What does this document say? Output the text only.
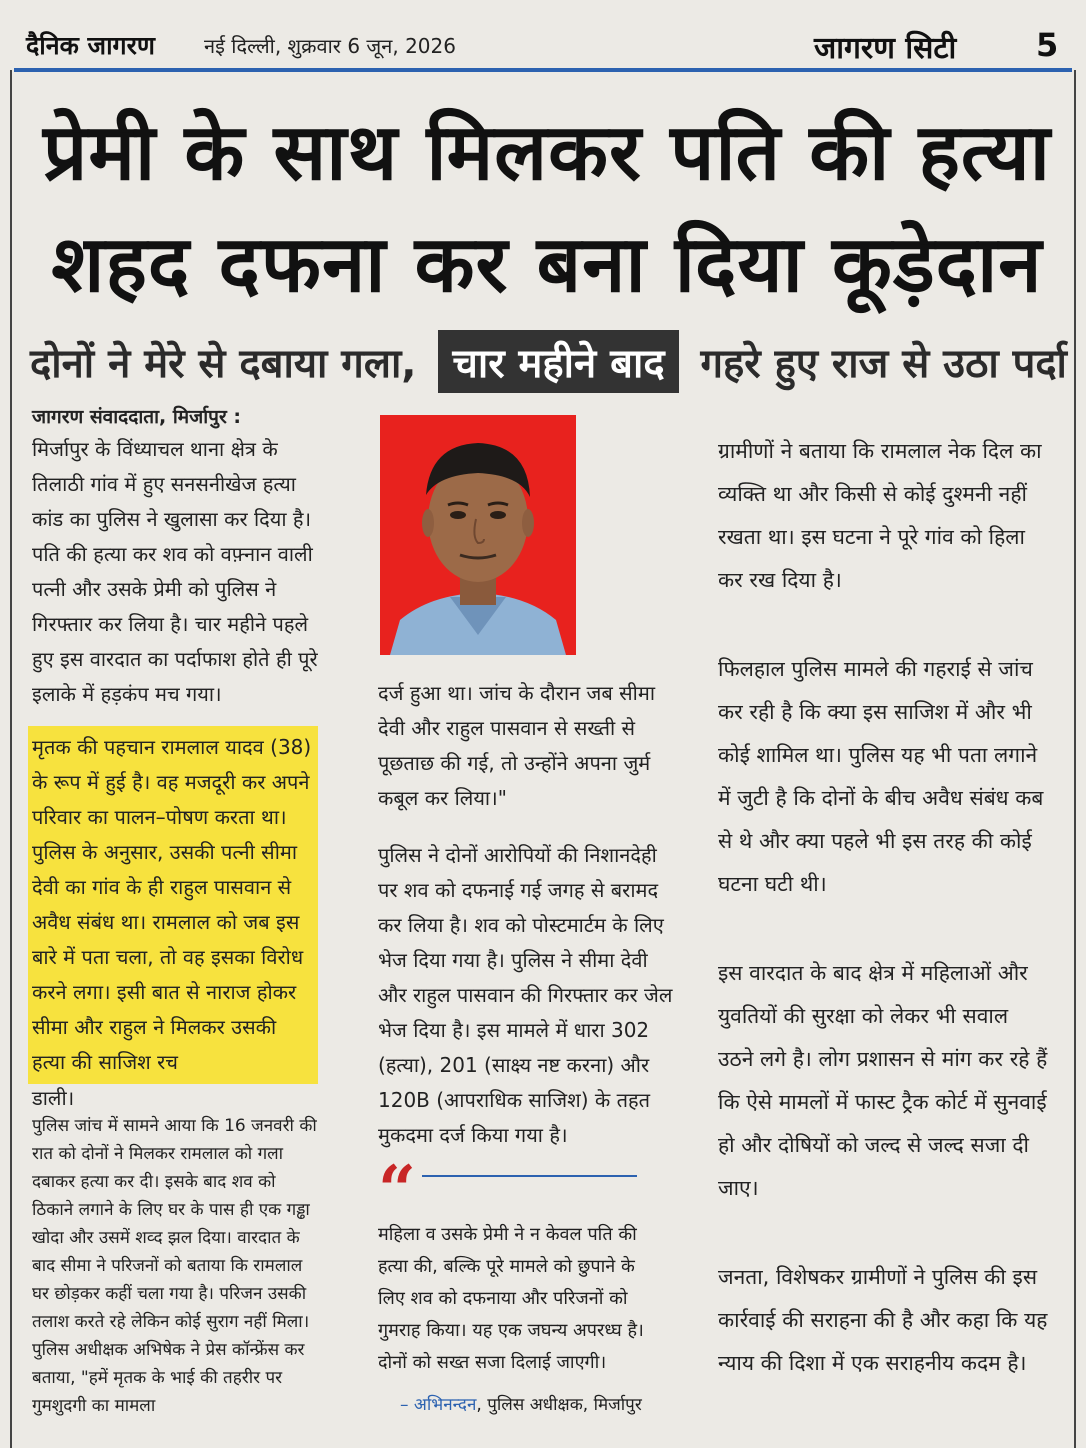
दैनिक जागरण नई दिल्ली, शुक्रवार 6 जून, 2026	जागरण सिटी 5
प्रेमी के साथ मिलकर पति की हत्या
शहद दफना कर बना दिया कूड़ेदान
दोनों ने मेरे से दबाया गला, चार महीने बाद गहरे हुए राज से उठा पर्दा

जागरण संवाददाता, मिर्जापुर :

मिर्जापुर के विंध्याचल थाना क्षेत्र के तिलाठी गांव में हुए सनसनीखेज हत्या कांड का पुलिस ने खुलासा कर दिया है। पति की हत्या कर शव को वफ़्नान वाली पत्नी और उसके प्रेमी को पुलिस ने गिरफ्तार कर लिया है। चार महीने पहले हुए इस वारदात का पर्दाफाश होते ही पूरे इलाके में हड़कंप मच गया।

मृतक की पहचान रामलाल यादव (38) के रूप में हुई है। वह मजदूरी कर अपने परिवार का पालन–पोषण करता था। पुलिस के अनुसार, उसकी पत्नी सीमा देवी का गांव के ही राहुल पासवान से अवैध संबंध था। रामलाल को जब इस बारे में पता चला, तो वह इसका विरोध करने लगा। इसी बात से नाराज होकर सीमा और राहुल ने मिलकर उसकी हत्या की साजिश रच

डाली।

पुलिस जांच में सामने आया कि 16 जनवरी की रात को दोनों ने मिलकर रामलाल को गला दबाकर हत्या कर दी। इसके बाद शव को ठिकाने लगाने के लिए घर के पास ही एक गड्ढा खोदा और उसमें शव्द झल दिया। वारदात के बाद सीमा ने परिजनों को बताया कि रामलाल घर छोड़कर कहीं चला गया है। परिजन उसकी तलाश करते रहे लेकिन कोई सुराग नहीं मिला।

पुलिस अधीक्षक अभिषेक ने प्रेस कॉन्फ्रेंस कर बताया, "हमें मृतक के भाई की तहरीर पर गुमशुदगी का मामला

दर्ज हुआ था। जांच के दौरान जब सीमा देवी और राहुल पासवान से सख्ती से पूछताछ की गई, तो उन्होंने अपना जुर्म कबूल कर लिया।"

पुलिस ने दोनों आरोपियों की निशानदेही पर शव को दफनाई गई जगह से बरामद कर लिया है। शव को पोस्टमार्टम के लिए भेज दिया गया है। पुलिस ने सीमा देवी और राहुल पासवान की गिरफ्तार कर जेल भेज दिया है। इस मामले में धारा 302 (हत्या), 201 (साक्ष्य नष्ट करना) और 120B (आपराधिक साजिश) के तहत मुकदमा दर्ज किया गया है।

“

महिला व उसके प्रेमी ने न केवल पति की हत्या की, बल्कि पूरे मामले को छुपाने के लिए शव को दफनाया और परिजनों को गुमराह किया। यह एक जघन्य अपरध्घ है। दोनों को सख्त सजा दिलाई जाएगी।

– अभिनन्दन, पुलिस अधीक्षक, मिर्जापुर

ग्रामीणों ने बताया कि रामलाल नेक दिल का व्यक्ति था और किसी से कोई दुश्मनी नहीं रखता था। इस घटना ने पूरे गांव को हिला कर रख दिया है।

फिलहाल पुलिस मामले की गहराई से जांच कर रही है कि क्या इस साजिश में और भी कोई शामिल था। पुलिस यह भी पता लगाने में जुटी है कि दोनों के बीच अवैध संबंध कब से थे और क्या पहले भी इस तरह की कोई घटना घटी थी।

इस वारदात के बाद क्षेत्र में महिलाओं और युवतियों की सुरक्षा को लेकर भी सवाल उठने लगे है। लोग प्रशासन से मांग कर रहे हैं कि ऐसे मामलों में फास्ट ट्रैक कोर्ट में सुनवाई हो और दोषियों को जल्द से जल्द सजा दी जाए।

जनता, विशेषकर ग्रामीणों ने पुलिस की इस कार्रवाई की सराहना की है और कहा कि यह न्याय की दिशा में एक सराहनीय कदम है।
